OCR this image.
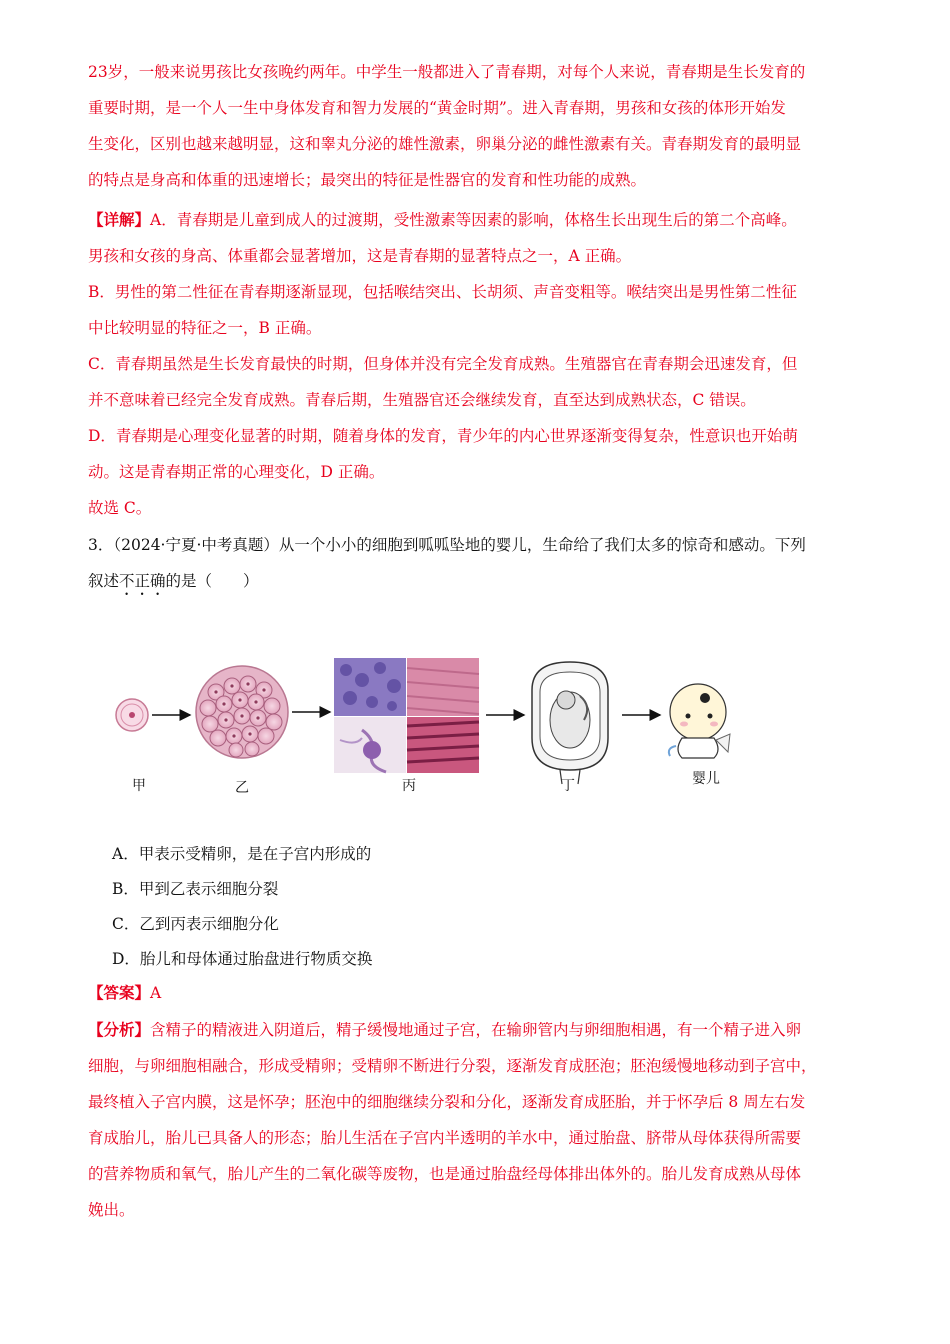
23岁，一般来说男孩比女孩晚约两年。中学生一般都进入了青春期，对每个人来说，青春期是生长发育的
重要时期，是一个人一生中身体发育和智力发展的“黄金时期”。进入青春期，男孩和女孩的体形开始发
生变化，区别也越来越明显，这和睾丸分泌的雄性激素，卵巢分泌的雌性激素有关。青春期发育的最明显
的特点是身高和体重的迅速增长；最突出的特征是性器官的发育和性功能的成熟。
【详解】A．青春期是儿童到成人的过渡期，受性激素等因素的影响，体格生长出现生后的第二个高峰。
男孩和女孩的身高、体重都会显著增加，这是青春期的显著特点之一，A 正确。
B．男性的第二性征在青春期逐渐显现，包括喉结突出、长胡须、声音变粗等。喉结突出是男性第二性征
中比较明显的特征之一，B 正确。
C．青春期虽然是生长发育最快的时期，但身体并没有完全发育成熟。生殖器官在青春期会迅速发育，但
并不意味着已经完全发育成熟。青春后期，生殖器官还会继续发育，直至达到成熟状态，C 错误。
D．青春期是心理变化显著的时期，随着身体的发育，青少年的内心世界逐渐变得复杂，性意识也开始萌
动。这是青春期正常的心理变化，D 正确。
故选 C。
3．（2024·宁夏·中考真题）从一个小小的细胞到呱呱坠地的婴儿，生命给了我们太多的惊奇和感动。下列
叙述不正确的是（　　）
甲	乙	丙	丁	婴儿
A．甲表示受精卵，是在子宫内形成的
B．甲到乙表示细胞分裂
C．乙到丙表示细胞分化
D．胎儿和母体通过胎盘进行物质交换
【答案】A
【分析】含精子的精液进入阴道后，精子缓慢地通过子宫，在输卵管内与卵细胞相遇，有一个精子进入卵
细胞，与卵细胞相融合，形成受精卵；受精卵不断进行分裂，逐渐发育成胚泡；胚泡缓慢地移动到子宫中，
最终植入子宫内膜，这是怀孕；胚泡中的细胞继续分裂和分化，逐渐发育成胚胎，并于怀孕后 8 周左右发
育成胎儿，胎儿已具备人的形态；胎儿生活在子宫内半透明的羊水中，通过胎盘、脐带从母体获得所需要
的营养物质和氧气，胎儿产生的二氧化碳等废物，也是通过胎盘经母体排出体外的。胎儿发育成熟从母体
娩出。
